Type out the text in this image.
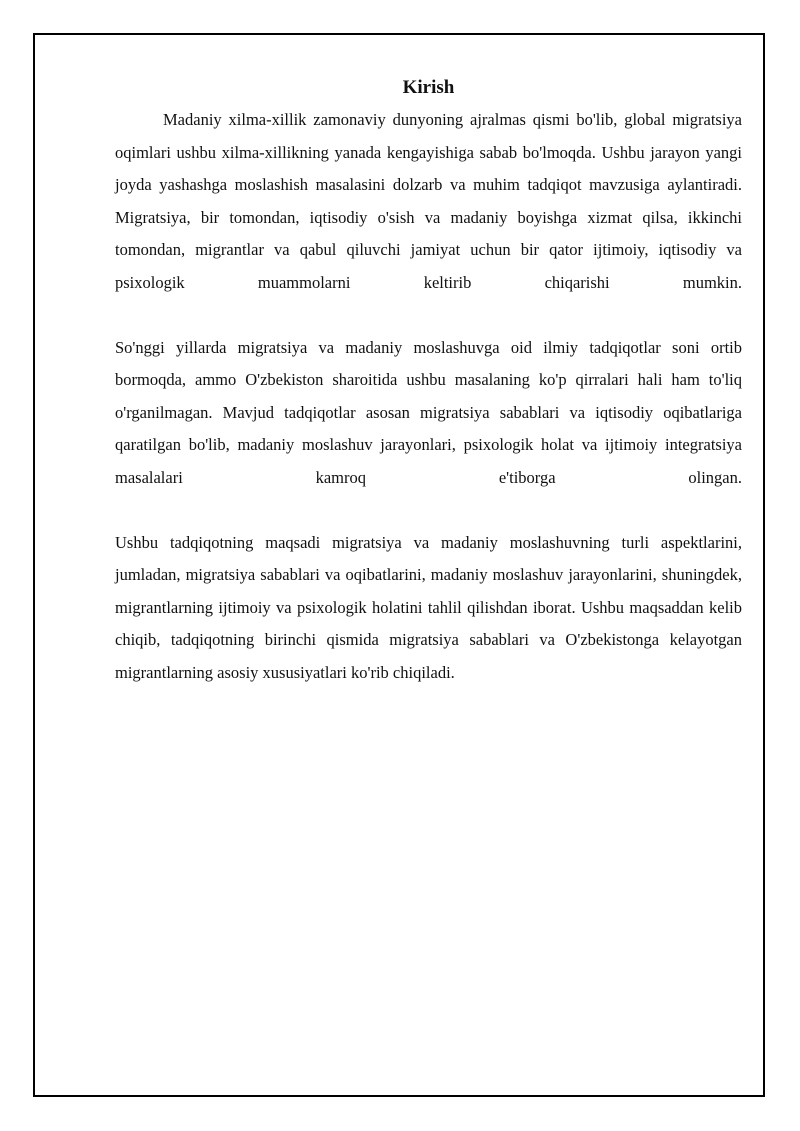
Kirish

Madaniy xilma-xillik zamonaviy dunyoning ajralmas qismi bo'lib, global migratsiya oqimlari ushbu xilma-xillikning yanada kengayishiga sabab bo'lmoqda. Ushbu jarayon yangi joyda yashashga moslashish masalasini dolzarb va muhim tadqiqot mavzusiga aylantiradi. Migratsiya, bir tomondan, iqtisodiy o'sish va madaniy boyishga xizmat qilsa, ikkinchi tomondan, migrantlar va qabul qiluvchi jamiyat uchun bir qator ijtimoiy, iqtisodiy va psixologik muammolarni keltirib chiqarishi mumkin.

So'nggi yillarda migratsiya va madaniy moslashuvga oid ilmiy tadqiqotlar soni ortib bormoqda, ammo O'zbekiston sharoitida ushbu masalaning ko'p qirralari hali ham to'liq o'rganilmagan. Mavjud tadqiqotlar asosan migratsiya sabablari va iqtisodiy oqibatlariga qaratilgan bo'lib, madaniy moslashuv jarayonlari, psixologik holat va ijtimoiy integratsiya masalalari kamroq e'tiborga olingan.

Ushbu tadqiqotning maqsadi migratsiya va madaniy moslashuvning turli aspektlarini, jumladan, migratsiya sabablari va oqibatlarini, madaniy moslashuv jarayonlarini, shuningdek, migrantlarning ijtimoiy va psixologik holatini tahlil qilishdan iborat. Ushbu maqsaddan kelib chiqib, tadqiqotning birinchi qismida migratsiya sabablari va O'zbekistonga kelayotgan migrantlarning asosiy xususiyatlari ko'rib chiqiladi.
